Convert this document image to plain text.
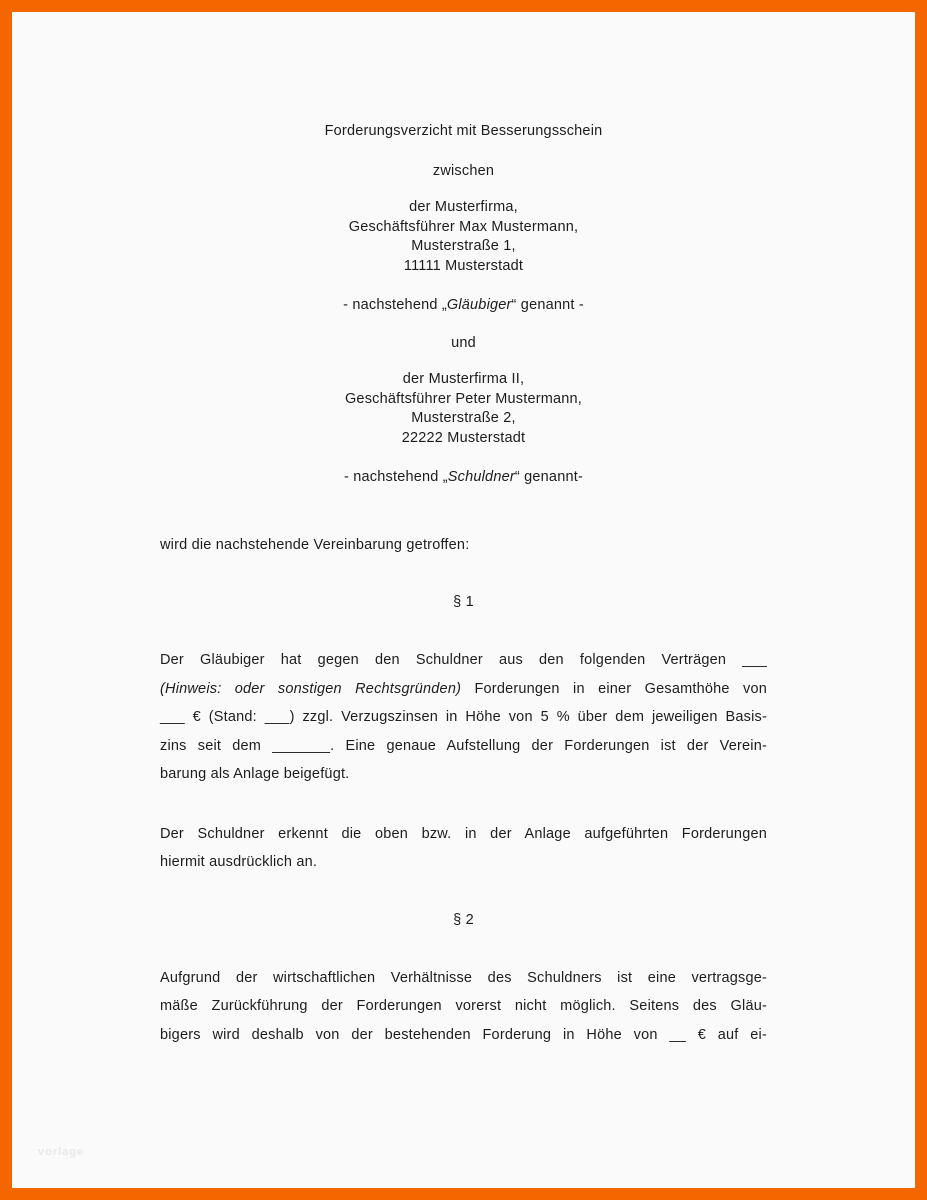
Forderungsverzicht mit Besserungsschein
zwischen
der Musterfirma,
Geschäftsführer Max Mustermann,
Musterstraße 1,
11111 Musterstadt
- nachstehend „Gläubiger“ genannt -
und
der Musterfirma II,
Geschäftsführer Peter Mustermann,
Musterstraße 2,
22222 Musterstadt
- nachstehend „Schuldner“ genannt-
wird die nachstehende Vereinbarung getroffen:
§ 1
Der Gläubiger hat gegen den Schuldner aus den folgenden Verträgen ___
(Hinweis: oder sonstigen Rechtsgründen) Forderungen in einer Gesamthöhe von
___ € (Stand: ___) zzgl. Verzugszinsen in Höhe von 5 % über dem jeweiligen Basis-
zins seit dem _______. Eine genaue Aufstellung der Forderungen ist der Verein-
barung als Anlage beigefügt.
Der Schuldner erkennt die oben bzw. in der Anlage aufgeführten Forderungen
hiermit ausdrücklich an.
§ 2
Aufgrund der wirtschaftlichen Verhältnisse des Schuldners ist eine vertragsge-
mäße Zurückführung der Forderungen vorerst nicht möglich. Seitens des Gläu-
bigers wird deshalb von der bestehenden Forderung in Höhe von __ € auf ei-
vorlage
